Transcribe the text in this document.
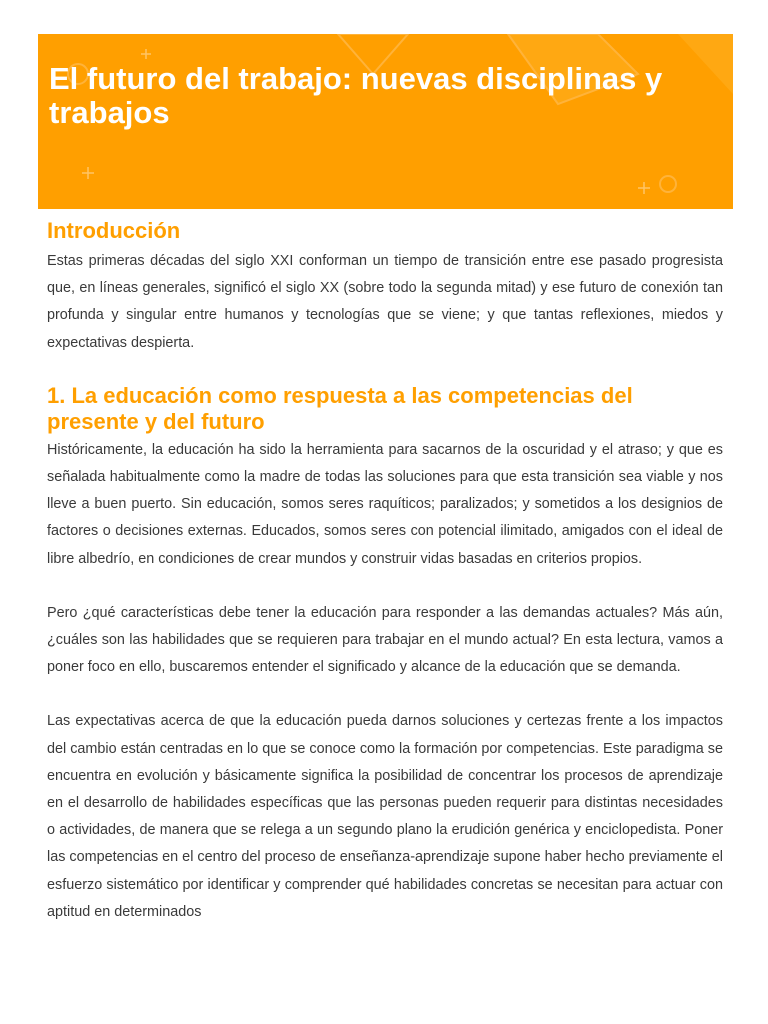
El futuro del trabajo: nuevas disciplinas y trabajos
Introducción

Estas primeras décadas del siglo XXI conforman un tiempo de transición entre ese pasado progresista que, en líneas generales, significó el siglo XX (sobre todo la segunda mitad) y ese futuro de conexión tan profunda y singular entre humanos y tecnologías que se viene; y que tantas reflexiones, miedos y expectativas despierta.

1. La educación como respuesta a las competencias del presente y del futuro

Históricamente, la educación ha sido la herramienta para sacarnos de la oscuridad y el atraso; y que es señalada habitualmente como la madre de todas las soluciones para que esta transición sea viable y nos lleve a buen puerto. Sin educación, somos seres raquíticos; paralizados; y sometidos a los designios de factores o decisiones externas. Educados, somos seres con potencial ilimitado, amigados con el ideal de libre albedrío, en condiciones de crear mundos y construir vidas basadas en criterios propios.

Pero ¿qué características debe tener la educación para responder a las demandas actuales? Más aún, ¿cuáles son las habilidades que se requieren para trabajar en el mundo actual? En esta lectura, vamos a poner foco en ello, buscaremos entender el significado y alcance de la educación que se demanda.

Las expectativas acerca de que la educación pueda darnos soluciones y certezas frente a los impactos del cambio están centradas en lo que se conoce como la formación por competencias. Este paradigma se encuentra en evolución y básicamente significa la posibilidad de concentrar los procesos de aprendizaje en el desarrollo de habilidades específicas que las personas pueden requerir para distintas necesidades o actividades, de manera que se relega a un segundo plano la erudición genérica y enciclopedista. Poner las competencias en el centro del proceso de enseñanza-aprendizaje supone haber hecho previamente el esfuerzo sistemático por identificar y comprender qué habilidades concretas se necesitan para actuar con aptitud en determinados
